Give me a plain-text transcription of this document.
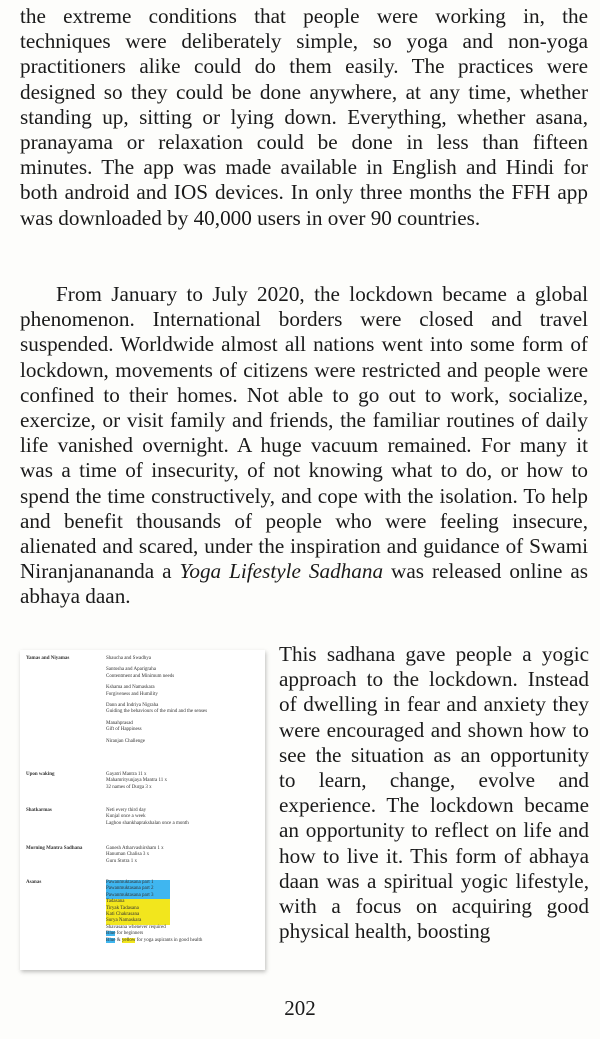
the extreme conditions that people were working in, the techniques were deliberately simple, so yoga and non-yoga practitioners alike could do them easily. The practices were designed so they could be done anywhere, at any time, whether standing up, sitting or lying down. Everything, whether asana, pranayama or relaxation could be done in less than fifteen minutes. The app was made available in English and Hindi for both android and IOS devices. In only three months the FFH app was downloaded by 40,000 users in over 90 countries.

From January to July 2020, the lockdown became a global phenomenon. International borders were closed and travel suspended. Worldwide almost all nations went into some form of lockdown, movements of citizens were restricted and people were confined to their homes. Not able to go out to work, socialize, exercize, or visit family and friends, the familiar routines of daily life vanished overnight. A huge vacuum remained. For many it was a time of insecurity, of not knowing what to do, or how to spend the time constructively, and cope with the isolation. To help and benefit thousands of people who were feeling insecure, alienated and scared, under the inspiration and guidance of Swami Niranjanananda a Yoga Lifestyle Sadhana was released online as abhaya daan.

Yamas and Niyamas	Shaucha and Swadhya
Santosha and Aparigraha
Contentment and Minimum needs
Kshama and Namaskara
Forgiveness and Humility
Dann and Indriya Nigraha
Guiding the behaviours of the mind and the senses
Manahprasad
Gift of Happiness
Niranjan Challenge
Upon waking	Gayatri Mantra 11 x
Mahamrityunjaya Mantra 11 x
32 names of Durga 3 x
Shatkarmas	Neti every third day
Kunjal once a week
Laghoo shankhaprakshalan once a month
Morning Mantra Sadhana	Ganesh Atharvashirsham 1 x
Hanuman Chalisa 3 x
Guru Stotra 1 x
Asanas	Pawanmuktasana part 1
Pawanmuktasana part 2
Pawanmuktasana part 3
Tadasana
Tiryak Tadasana
Kati Chakrasana
Surya Namaskara
Shavasana whenever required
Blue for beginners
Blue & yellow for yoga aspirants in good health

This sadhana gave people a yogic approach to the lockdown. Instead of dwelling in fear and anxiety they were encouraged and shown how to see the situation as an opportunity to learn, change, evolve and experience. The lockdown became an opportunity to reflect on life and how to live it. This form of abhaya daan was a spiritual yogic lifestyle, with a focus on acquiring good physical health, boosting

202
